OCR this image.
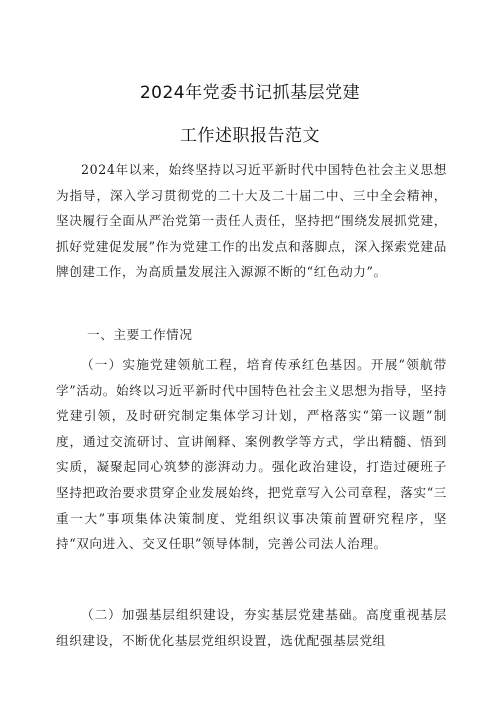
2024年党委书记抓基层党建
工作述职报告范文

2024年以来，始终坚持以习近平新时代中国特色社会主义思想为指导，深入学习贯彻党的二十大及二十届二中、三中全会精神，坚决履行全面从严治党第一责任人责任，坚持把“围绕发展抓党建，抓好党建促发展”作为党建工作的出发点和落脚点，深入探索党建品牌创建工作，为高质量发展注入源源不断的“红色动力”。

一、主要工作情况

（一）实施党建领航工程，培育传承红色基因。开展“领航带学”活动。始终以习近平新时代中国特色社会主义思想为指导，坚持党建引领，及时研究制定集体学习计划，严格落实“第一议题”制度，通过交流研讨、宣讲阐释、案例教学等方式，学出精髓、悟到实质，凝聚起同心筑梦的澎湃动力。强化政治建设，打造过硬班子坚持把政治要求贯穿企业发展始终，把党章写入公司章程，落实“三重一大”事项集体决策制度、党组织议事决策前置研究程序，坚持“双向进入、交叉任职”领导体制，完善公司法人治理。

（二）加强基层组织建设，夯实基层党建基础。高度重视基层组织建设，不断优化基层党组织设置，选优配强基层党组
